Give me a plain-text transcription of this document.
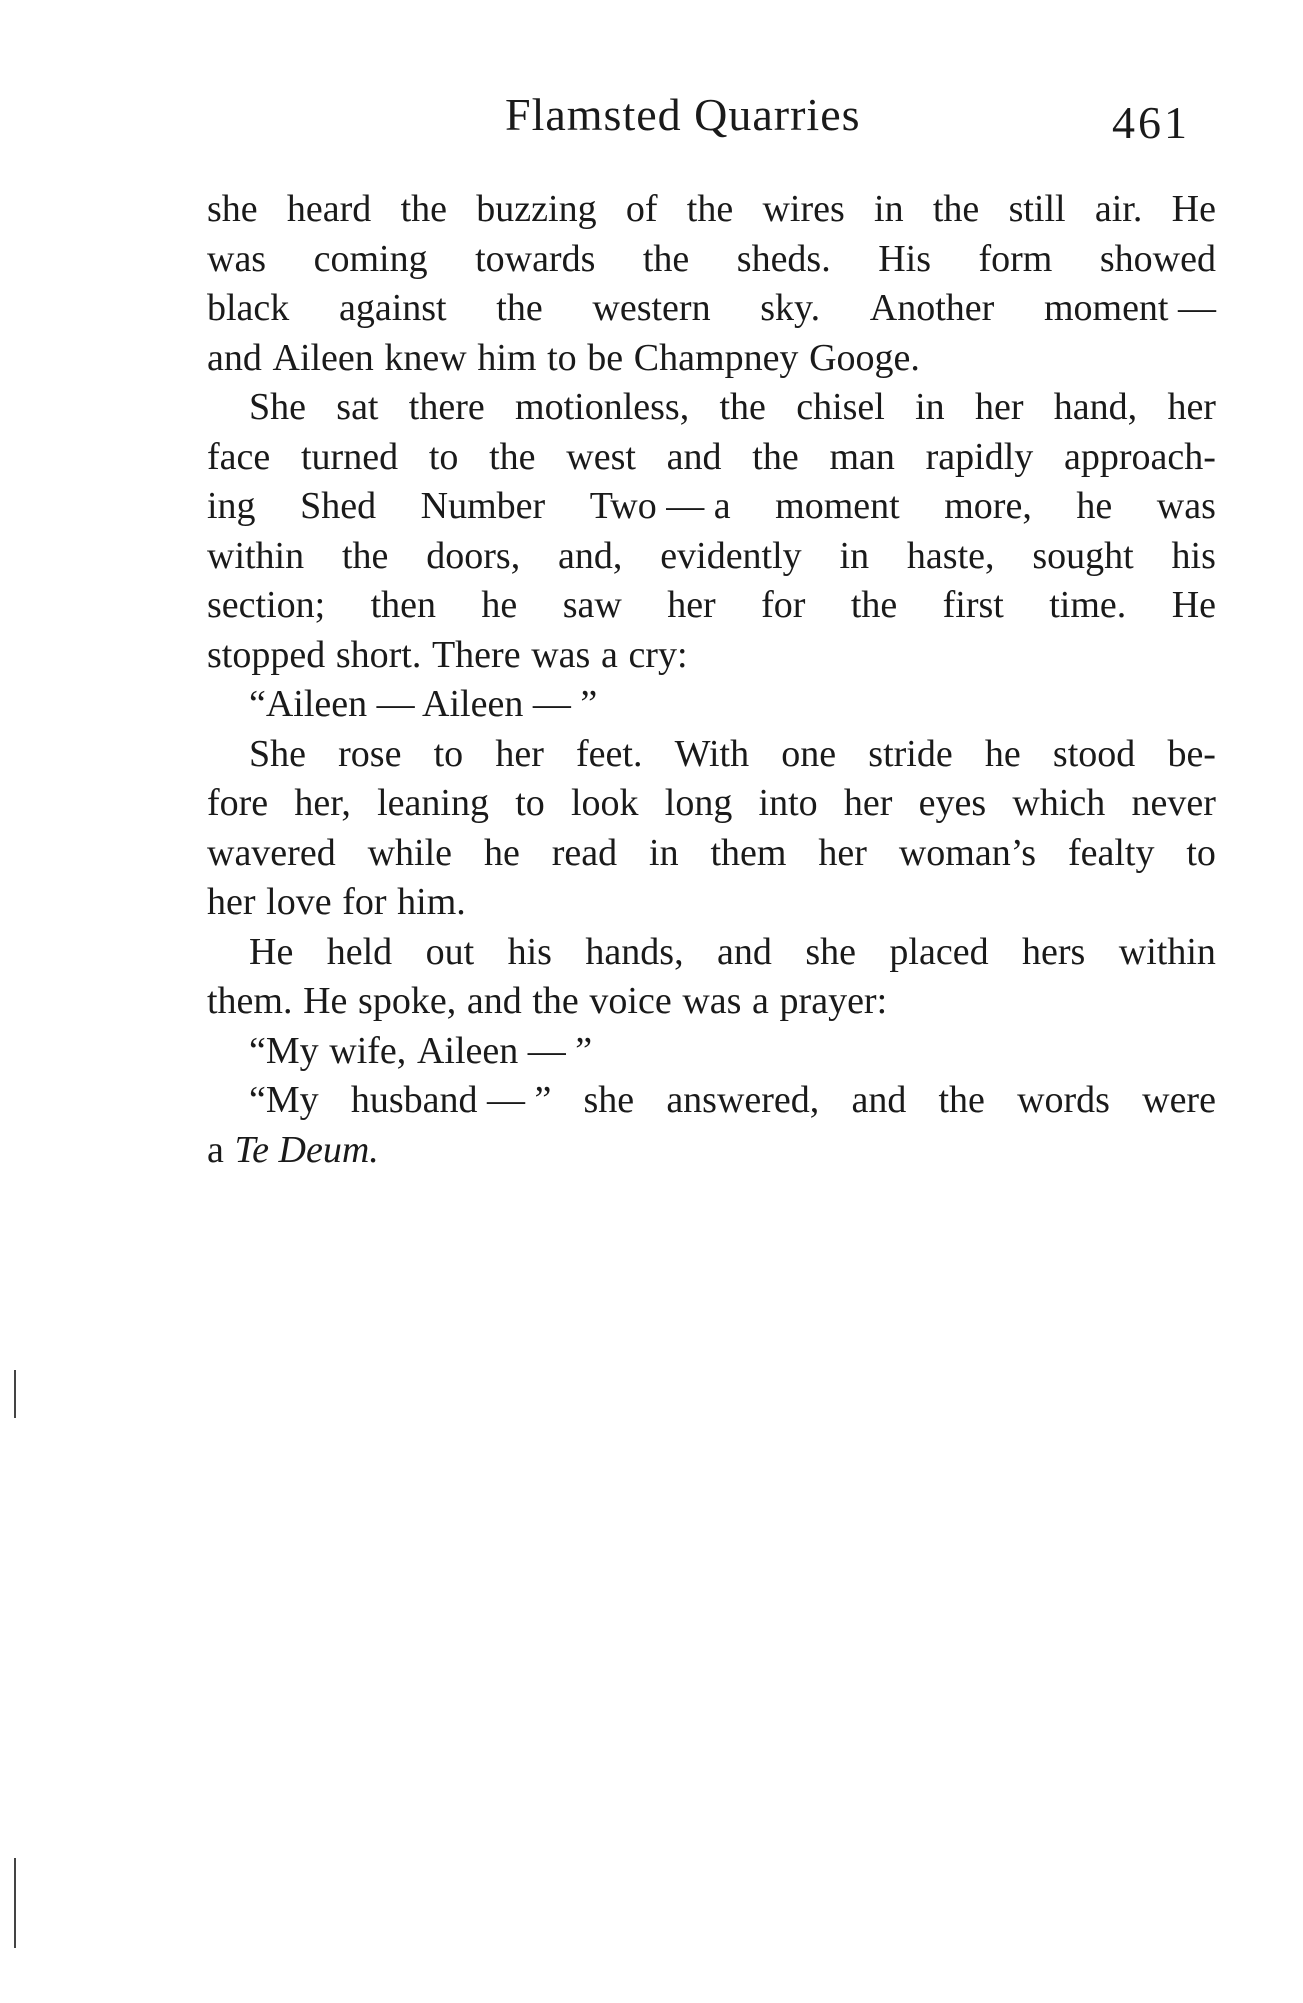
Flamsted Quarries	461
she heard the buzzing of the wires in the still air. He
was coming towards the sheds. His form showed
black against the western sky. Another moment —
and Aileen knew him to be Champney Googe.
She sat there motionless, the chisel in her hand, her
face turned to the west and the man rapidly approach-
ing Shed Number Two — a moment more, he was
within the doors, and, evidently in haste, sought his
section; then he saw her for the first time. He
stopped short. There was a cry:
“Aileen — Aileen — ”
She rose to her feet. With one stride he stood be-
fore her, leaning to look long into her eyes which never
wavered while he read in them her woman’s fealty to
her love for him.
He held out his hands, and she placed hers within
them. He spoke, and the voice was a prayer:
“My wife, Aileen — ”
“My husband — ” she answered, and the words were
a Te Deum.
